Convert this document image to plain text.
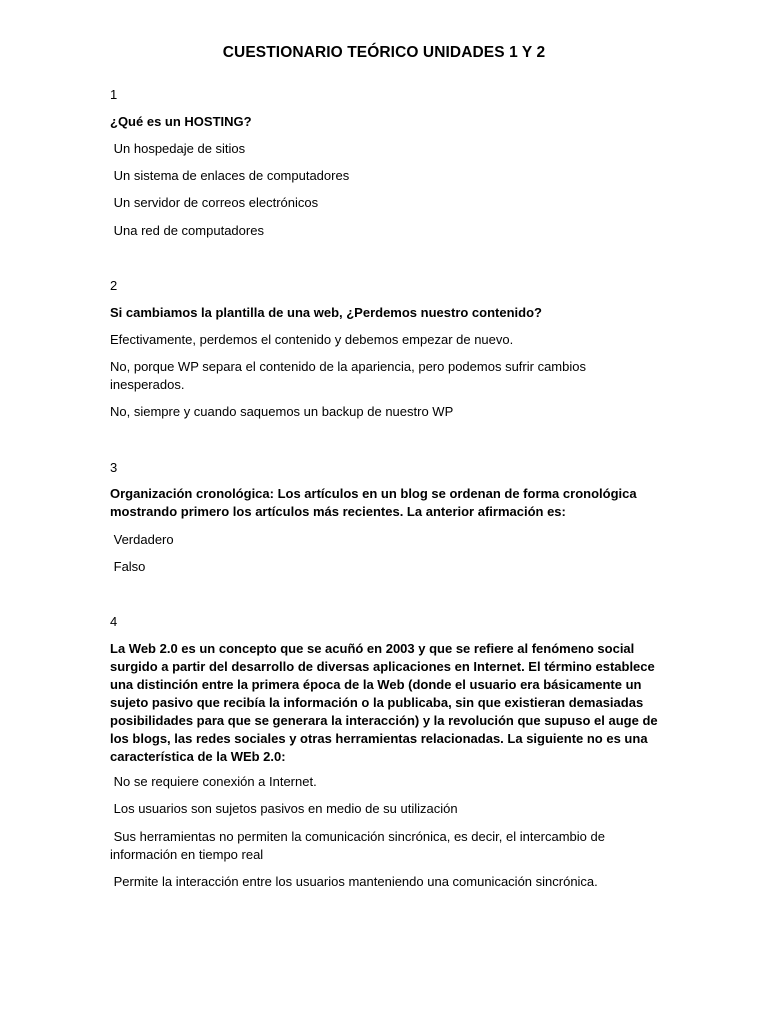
CUESTIONARIO TEÓRICO UNIDADES 1 Y 2
1
¿Qué es un HOSTING?
Un hospedaje de sitios
Un sistema de enlaces de computadores
Un servidor de correos electrónicos
Una red de computadores
2
Si cambiamos la plantilla de una web, ¿Perdemos nuestro contenido?
Efectivamente, perdemos el contenido y debemos empezar de nuevo.
No, porque WP separa el contenido de la apariencia, pero podemos sufrir cambios inesperados.
No, siempre y cuando saquemos un backup de nuestro WP
3
Organización cronológica: Los artículos en un blog se ordenan de forma cronológica mostrando primero los artículos más recientes. La anterior afirmación es:
Verdadero
Falso
4
La Web 2.0 es un concepto que se acuñó en 2003 y que se refiere al fenómeno social surgido a partir del desarrollo de diversas aplicaciones en Internet. El término establece una distinción entre la primera época de la Web (donde el usuario era básicamente un sujeto pasivo que recibía la información o la publicaba, sin que existieran demasiadas posibilidades para que se generara la interacción) y la revolución que supuso el auge de los blogs, las redes sociales y otras herramientas relacionadas. La siguiente no es una característica de la WEb 2.0:
No se requiere conexión a Internet.
Los usuarios son sujetos pasivos en medio de su utilización
Sus herramientas no permiten la comunicación sincrónica, es decir, el intercambio de información en tiempo real
Permite la interacción entre los usuarios manteniendo una comunicación sincrónica.
